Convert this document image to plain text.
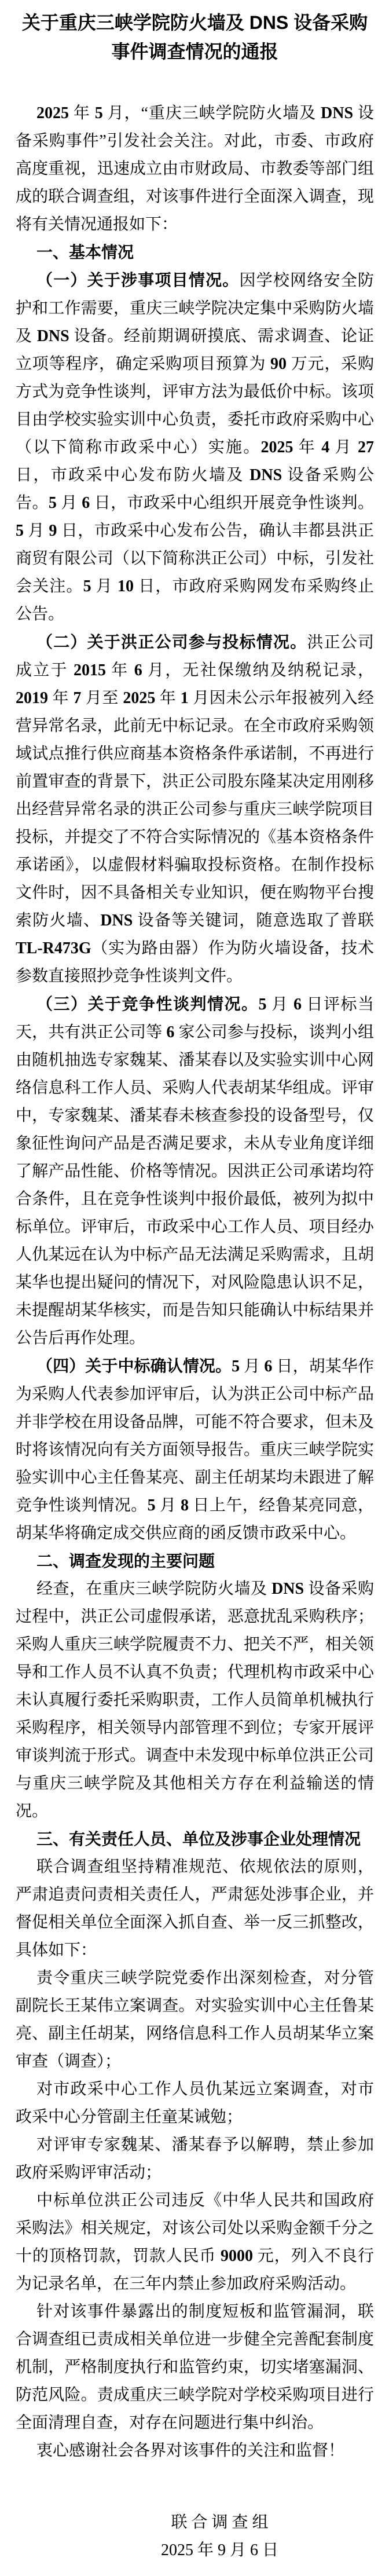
关于重庆三峡学院防火墙及 DNS 设备采购
事件调查情况的通报

2025 年 5 月，“重庆三峡学院防火墙及 DNS 设备采购事件”引发社会关注。对此，市委、市政府高度重视，迅速成立由市财政局、市教委等部门组成的联合调查组，对该事件进行全面深入调查，现将有关情况通报如下：

一、基本情况

（一）关于涉事项目情况。因学校网络安全防护和工作需要，重庆三峡学院决定集中采购防火墙及 DNS 设备。经前期调研摸底、需求调查、论证立项等程序，确定采购项目预算为 90 万元，采购方式为竞争性谈判，评审方法为最低价中标。该项目由学校实验实训中心负责，委托市政府采购中心（以下简称市政采中心）实施。2025 年 4 月 27 日，市政采中心发布防火墙及 DNS 设备采购公告。5 月 6 日，市政采中心组织开展竞争性谈判。5 月 9 日，市政采中心发布公告，确认丰都县洪正商贸有限公司（以下简称洪正公司）中标，引发社会关注。5 月 10 日，市政府采购网发布采购终止公告。

（二）关于洪正公司参与投标情况。洪正公司成立于 2015 年 6 月，无社保缴纳及纳税记录，2019 年 7 月至 2025 年 1 月因未公示年报被列入经营异常名录，此前无中标记录。在全市政府采购领域试点推行供应商基本资格条件承诺制，不再进行前置审查的背景下，洪正公司股东隆某决定用刚移出经营异常名录的洪正公司参与重庆三峡学院项目投标，并提交了不符合实际情况的《基本资格条件承诺函》，以虚假材料骗取投标资格。在制作投标文件时，因不具备相关专业知识，便在购物平台搜索防火墙、DNS 设备等关键词，随意选取了普联 TL-R473G（实为路由器）作为防火墙设备，技术参数直接照抄竞争性谈判文件。

（三）关于竞争性谈判情况。5 月 6 日评标当天，共有洪正公司等 6 家公司参与投标，谈判小组由随机抽选专家魏某、潘某春以及实验实训中心网络信息科工作人员、采购人代表胡某华组成。评审中，专家魏某、潘某春未核查参投的设备型号，仅象征性询问产品是否满足要求，未从专业角度详细了解产品性能、价格等情况。因洪正公司承诺均符合条件，且在竞争性谈判中报价最低，被列为拟中标单位。评审后，市政采中心工作人员、项目经办人仇某远在认为中标产品无法满足采购需求，且胡某华也提出疑问的情况下，对风险隐患认识不足，未提醒胡某华核实，而是告知只能确认中标结果并公告后再作处理。

（四）关于中标确认情况。5 月 6 日，胡某华作为采购人代表参加评审后，认为洪正公司中标产品并非学校在用设备品牌，可能不符合要求，但未及时将该情况向有关方面领导报告。重庆三峡学院实验实训中心主任鲁某亮、副主任胡某均未跟进了解竞争性谈判情况。5 月 8 日上午，经鲁某亮同意，胡某华将确定成交供应商的函反馈市政采中心。

二、调查发现的主要问题

经查，在重庆三峡学院防火墙及 DNS 设备采购过程中，洪正公司虚假承诺，恶意扰乱采购秩序；采购人重庆三峡学院履责不力、把关不严，相关领导和工作人员不认真不负责；代理机构市政采中心未认真履行委托采购职责，工作人员简单机械执行采购程序，相关领导内部管理不到位；专家开展评审谈判流于形式。调查中未发现中标单位洪正公司与重庆三峡学院及其他相关方存在利益输送的情况。

三、有关责任人员、单位及涉事企业处理情况

联合调查组坚持精准规范、依规依法的原则，严肃追责问责相关责任人，严肃惩处涉事企业，并督促相关单位全面深入抓自查、举一反三抓整改，具体如下：

责令重庆三峡学院党委作出深刻检查，对分管副院长王某伟立案调查。对实验实训中心主任鲁某亮、副主任胡某，网络信息科工作人员胡某华立案审查（调查）；

对市政采中心工作人员仇某远立案调查，对市政采中心分管副主任童某诫勉；

对评审专家魏某、潘某春予以解聘，禁止参加政府采购评审活动；

中标单位洪正公司违反《中华人民共和国政府采购法》相关规定，对该公司处以采购金额千分之十的顶格罚款，罚款人民币 9000 元，列入不良行为记录名单，在三年内禁止参加政府采购活动。

针对该事件暴露出的制度短板和监管漏洞，联合调查组已责成相关单位进一步健全完善配套制度机制，严格制度执行和监管约束，切实堵塞漏洞、防范风险。责成重庆三峡学院对学校采购项目进行全面清理自查，对存在问题进行集中纠治。

衷心感谢社会各界对该事件的关注和监督！

联 合 调 查 组

2025 年 9 月 6 日
